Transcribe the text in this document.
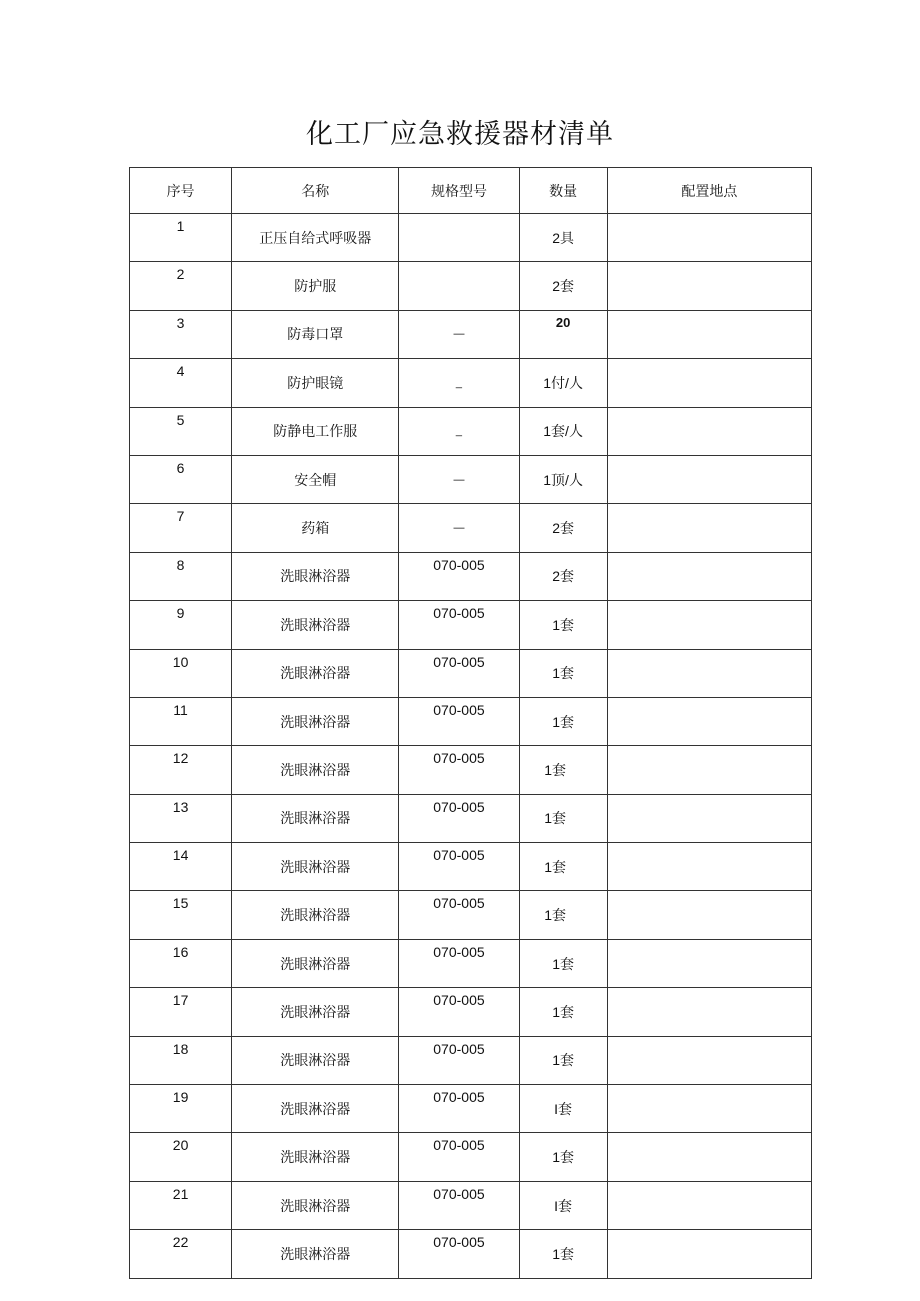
化工厂应急救援器材清单
序号	名称	规格型号	数量	配置地点
1	正压自给式呼吸器		2具	
2	防护服		2套	
3	防毒口罩	—	20	
4	防护眼镜	_	1付/人	
5	防静电工作服	_	1套/人	
6	安全帽	—	1顶/人	
7	药箱	—	2套	
8	洗眼淋浴器	070-005	2套	
9	洗眼淋浴器	070-005	1套	
10	洗眼淋浴器	070-005	1套	
11	洗眼淋浴器	070-005	1套	
12	洗眼淋浴器	070-005	1套	
13	洗眼淋浴器	070-005	1套	
14	洗眼淋浴器	070-005	1套	
15	洗眼淋浴器	070-005	1套	
16	洗眼淋浴器	070-005	1套	
17	洗眼淋浴器	070-005	1套	
18	洗眼淋浴器	070-005	1套	
19	洗眼淋浴器	070-005	I套	
20	洗眼淋浴器	070-005	1套	
21	洗眼淋浴器	070-005	I套	
22	洗眼淋浴器	070-005	1套	
